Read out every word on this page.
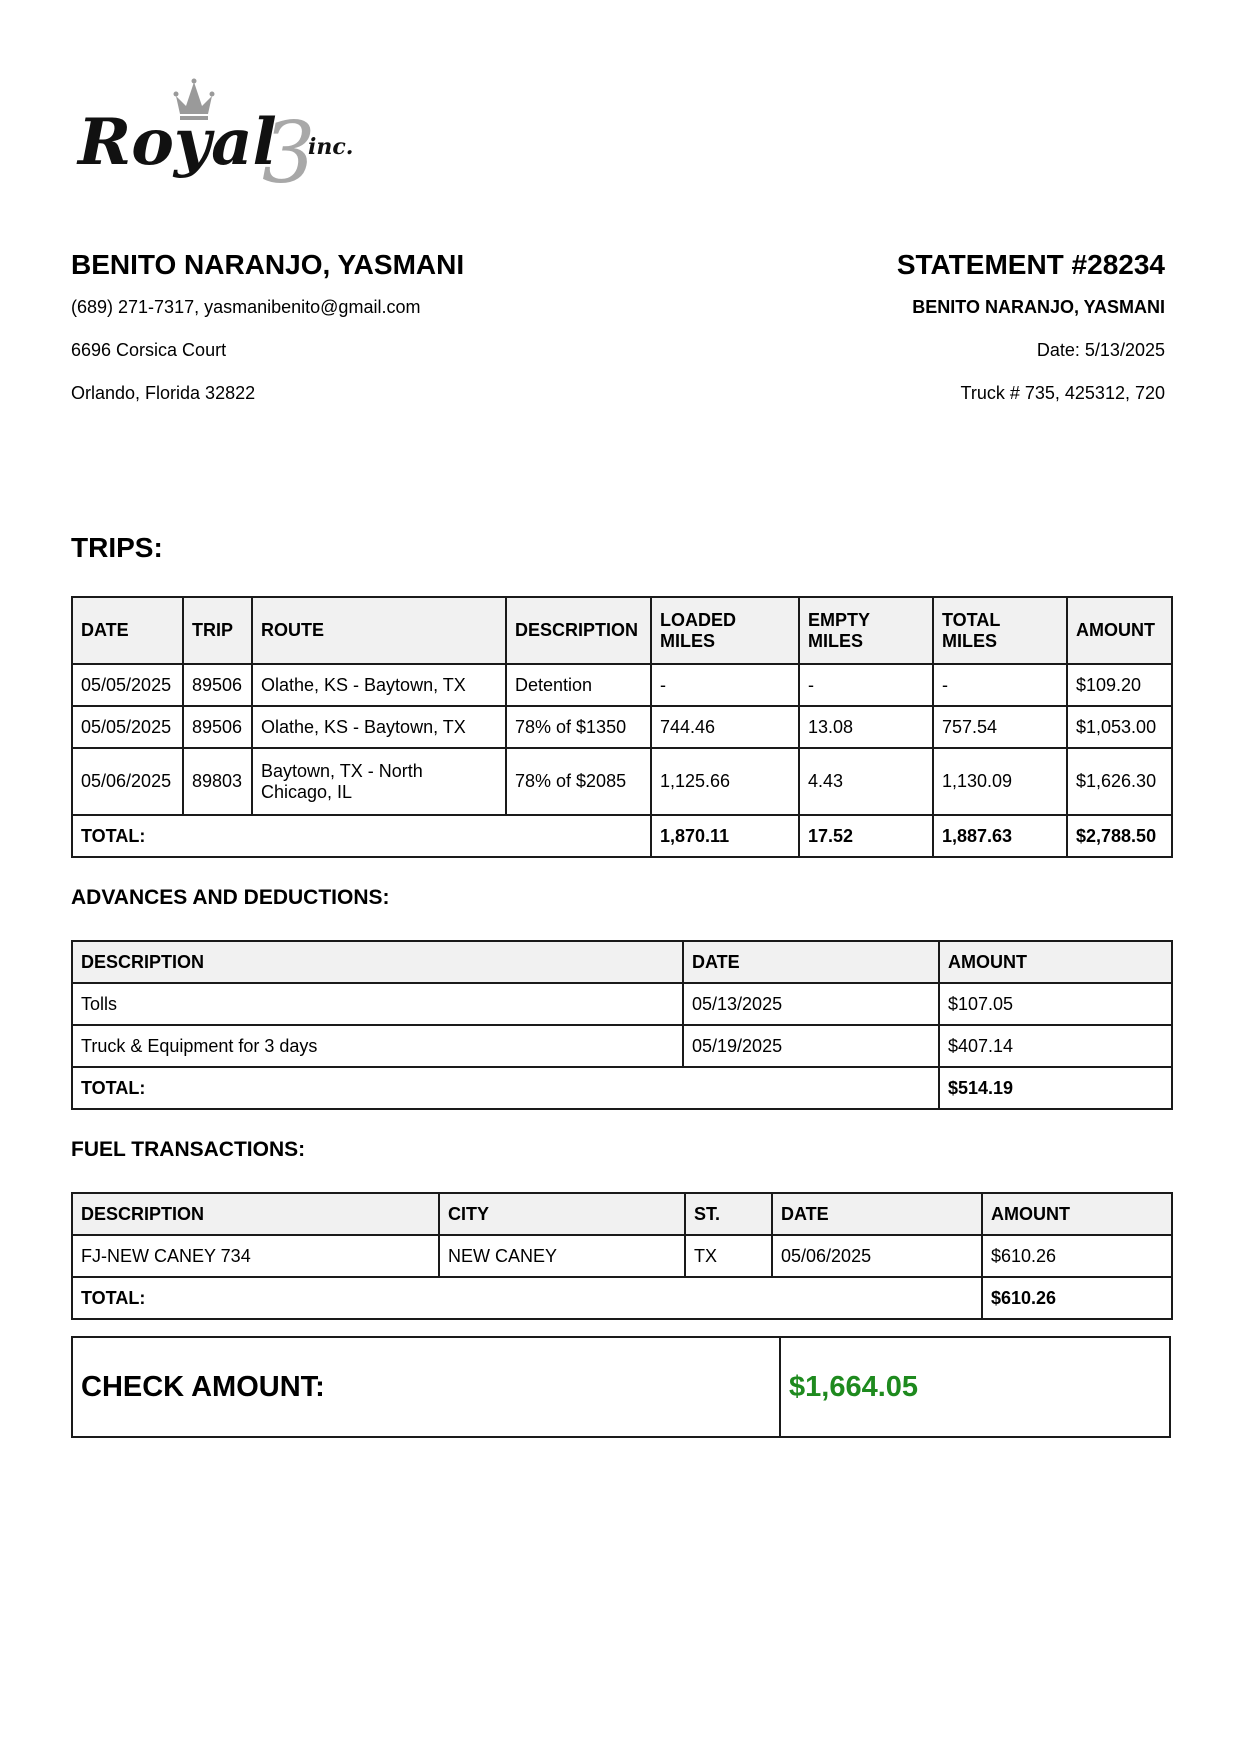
Royal
3
inc.
BENITO NARANJO, YASMANI
(689) 271-7317, yasmanibenito@gmail.com
6696 Corsica Court
Orlando, Florida 32822
STATEMENT #28234
BENITO NARANJO, YASMANI
Date: 5/13/2025
Truck # 735, 425312, 720
TRIPS:
DATE	TRIP	ROUTE	DESCRIPTION	LOADED MILES	EMPTY MILES	TOTAL MILES	AMOUNT
05/05/2025	89506	Olathe, KS - Baytown, TX	Detention	-	-	-	$109.20
05/05/2025	89506	Olathe, KS - Baytown, TX	78% of $1350	744.46	13.08	757.54	$1,053.00
05/06/2025	89803	Baytown, TX - North Chicago, IL	78% of $2085	1,125.66	4.43	1,130.09	$1,626.30
TOTAL:				1,870.11	17.52	1,887.63	$2,788.50
ADVANCES AND DEDUCTIONS:
DESCRIPTION	DATE	AMOUNT
Tolls	05/13/2025	$107.05
Truck & Equipment for 3 days	05/19/2025	$407.14
TOTAL:		$514.19
FUEL TRANSACTIONS:
DESCRIPTION	CITY	ST.	DATE	AMOUNT
FJ-NEW CANEY 734	NEW CANEY	TX	05/06/2025	$610.26
TOTAL:				$610.26
CHECK AMOUNT:	$1,664.05
